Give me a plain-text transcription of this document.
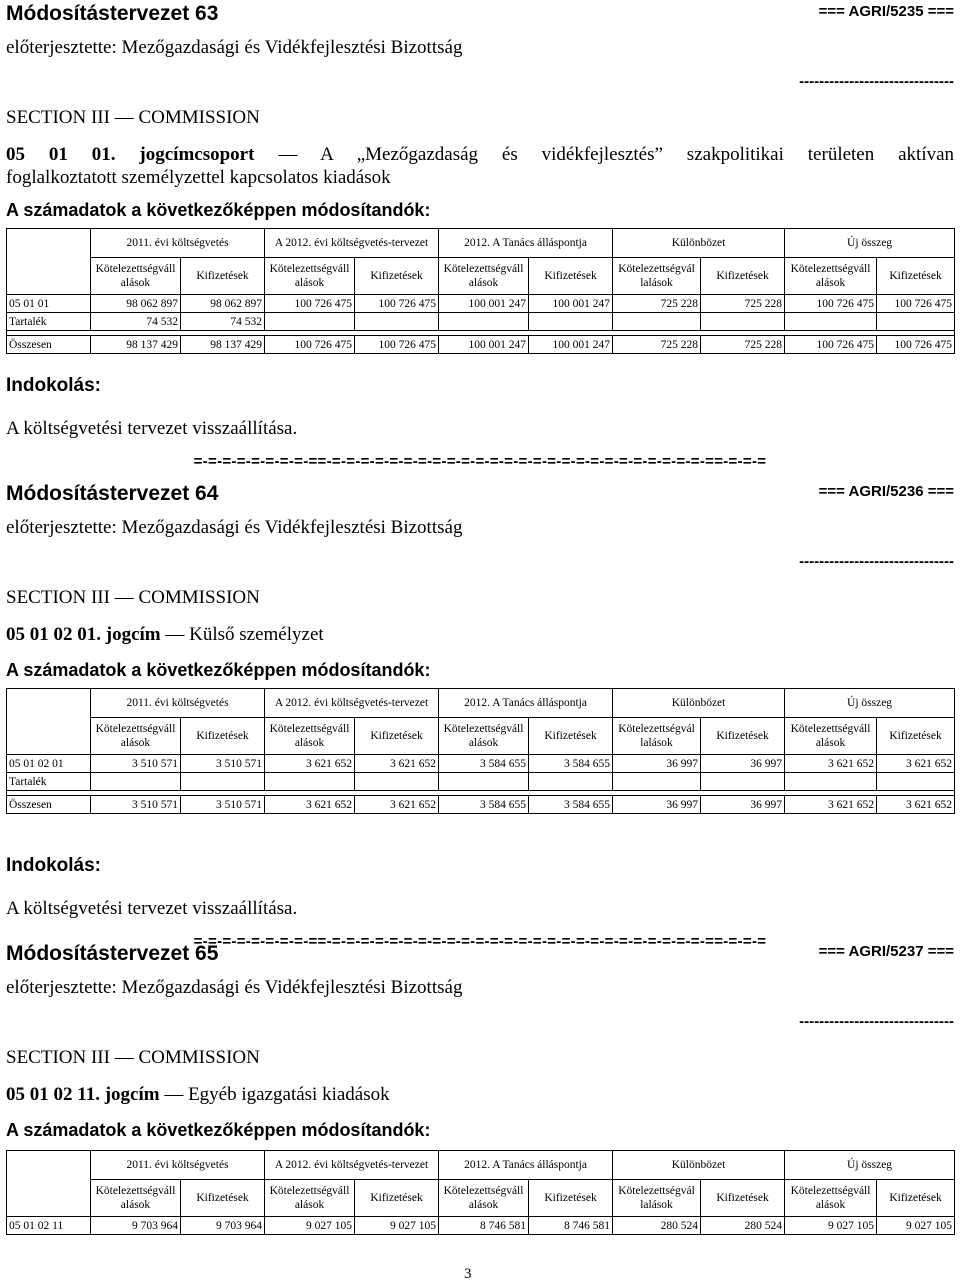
Módosítástervezet 63	=== AGRI/5235 ===
előterjesztette: Mezőgazdasági és Vidékfejlesztési Bizottság
-------------------------------
SECTION III — COMMISSION
05 01 01. jogcímcsoport — A „Mezőgazdaság és vidékfejlesztés” szakpolitikai területen aktívan
foglalkoztatott személyzettel kapcsolatos kiadások
A számadatok a következőképpen módosítandók:
	2011. évi költségvetés		A 2012. évi költségvetés-tervezet		2012. A Tanács álláspontja		Különbözet		Új összeg	
	Kötelezettségvállalások	Kifizetések	Kötelezettségvállalások	Kifizetések	Kötelezettségvállalások	Kifizetések	Kötelezettségvállalások	Kifizetések	Kötelezettségvállalások	Kifizetések
05 01 01	98 062 897	98 062 897	100 726 475	100 726 475	100 001 247	100 001 247	725 228	725 228	100 726 475	100 726 475
Tartalék	74 532	74 532								

Összesen	98 137 429	98 137 429	100 726 475	100 726 475	100 001 247	100 001 247	725 228	725 228	100 726 475	100 726 475
Indokolás:
A költségvetési tervezet visszaállítása.
=-=-=-=-=-=-=-=-==-=-=-=-=-=-=-=-=-=-=-=-=-=-=-=-=-=-=-=-=-=-=-=-=-=-=-==-=-=-=
Módosítástervezet 64	=== AGRI/5236 ===
előterjesztette: Mezőgazdasági és Vidékfejlesztési Bizottság
-------------------------------
SECTION III — COMMISSION
05 01 02 01. jogcím — Külső személyzet
A számadatok a következőképpen módosítandók:
	2011. évi költségvetés		A 2012. évi költségvetés-tervezet		2012. A Tanács álláspontja		Különbözet		Új összeg	
	Kötelezettségvállalások	Kifizetések	Kötelezettségvállalások	Kifizetések	Kötelezettségvállalások	Kifizetések	Kötelezettségvállalások	Kifizetések	Kötelezettségvállalások	Kifizetések
05 01 02 01	3 510 571	3 510 571	3 621 652	3 621 652	3 584 655	3 584 655	36 997	36 997	3 621 652	3 621 652
Tartalék										

Összesen	3 510 571	3 510 571	3 621 652	3 621 652	3 584 655	3 584 655	36 997	36 997	3 621 652	3 621 652
Indokolás:
A költségvetési tervezet visszaállítása.
=-=-=-=-=-=-=-=-==-=-=-=-=-=-=-=-=-=-=-=-=-=-=-=-=-=-=-=-=-=-=-=-=-=-=-==-=-=-=
Módosítástervezet 65	=== AGRI/5237 ===
előterjesztette: Mezőgazdasági és Vidékfejlesztési Bizottság
-------------------------------
SECTION III — COMMISSION
05 01 02 11. jogcím — Egyéb igazgatási kiadások
A számadatok a következőképpen módosítandók:
	2011. évi költségvetés		A 2012. évi költségvetés-tervezet		2012. A Tanács álláspontja		Különbözet		Új összeg	
	Kötelezettségvállalások	Kifizetések	Kötelezettségvállalások	Kifizetések	Kötelezettségvállalások	Kifizetések	Kötelezettségvállalások	Kifizetések	Kötelezettségvállalások	Kifizetések
05 01 02 11	9 703 964	9 703 964	9 027 105	9 027 105	8 746 581	8 746 581	280 524	280 524	9 027 105	9 027 105
3
